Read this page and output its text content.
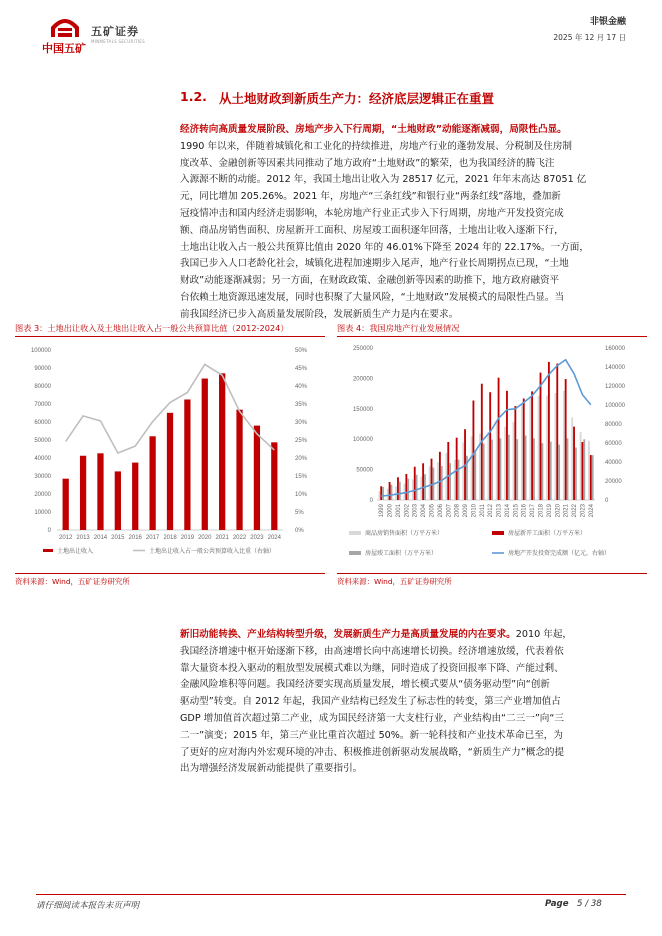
中国五矿
五矿证券
MINMETALS SECURITIES
非银金融
2025 年 12 月 17 日
1.2. 从土地财政到新质生产力：经济底层逻辑正在重置
经济转向高质量发展阶段、房地产步入下行周期，“土地财政”动能逐渐减弱，局限性凸显。
1990 年以来，伴随着城镇化和工业化的持续推进，房地产行业的蓬勃发展、分税制及住房制
度改革、金融创新等因素共同推动了地方政府“土地财政”的繁荣，也为我国经济的腾飞注
入源源不断的动能。2012 年，我国土地出让收入为 28517 亿元，2021 年年末高达 87051 亿
元，同比增加 205.26%。2021 年，房地产“三条红线”和银行业“两条红线”落地，叠加新
冠疫情冲击和国内经济走弱影响，本轮房地产行业正式步入下行周期，房地产开发投资完成
额、商品房销售面积、房屋新开工面积、房屋竣工面积逐年回落，土地出让收入逐渐下行，
土地出让收入占一般公共预算比值由 2020 年的 46.01%下降至 2024 年的 22.17%。一方面，
我国已步入人口老龄化社会，城镇化进程加速期步入尾声，地产行业长周期拐点已现，“土地
财政”动能逐渐减弱；另一方面，在财政政策、金融创新等因素的助推下，地方政府融资平
台依赖土地资源迅速发展，同时也积聚了大量风险，“土地财政”发展模式的局限性凸显。当
前我国经济已步入高质量发展阶段，发展新质生产力是内在要求。
图表 3：土地出让收入及土地出让收入占一般公共预算比值（2012-2024）
0
10000
20000
30000
40000
50000
60000
70000
80000
90000
100000
0%
5%
10%
15%
20%
25%
30%
35%
40%
45%
50%
2012 2013 2014 2015 2016 2017 2018 2019 2020 2021 2022 2023 2024
土地出让收入	土地出让收入占一般公共预算收入比重（右轴）
资料来源：Wind，五矿证券研究所
图表 4：我国房地产行业发展情况
0
50000
100000
150000
200000
250000
0
20000
40000
60000
80000
100000
120000
140000
160000
1999 2000 2001 2002 2003 2004 2005 2006 2007 2008 2009 2010 2011 2012 2013 2014 2015 2016 2017 2018 2019 2020 2021 2022 2023 2024
商品房销售面积（万平方米）	房屋新开工面积（万平方米）
房屋竣工面积（万平方米）	房地产开发投资完成额（亿元，右轴）
资料来源：Wind，五矿证券研究所
新旧动能转换、产业结构转型升级，发展新质生产力是高质量发展的内在要求。2010 年起，
我国经济增速中枢开始逐渐下移，由高速增长向中高速增长切换。经济增速放缓，代表着依
靠大量资本投入驱动的粗放型发展模式难以为继，同时造成了投资回报率下降、产能过剩、
金融风险堆积等问题。我国经济要实现高质量发展，增长模式要从“债务驱动型”向“创新
驱动型”转变。自 2012 年起，我国产业结构已经发生了标志性的转变，第三产业增加值占
GDP 增加值首次超过第二产业，成为国民经济第一大支柱行业，产业结构由“二三一”向“三
二一”演变；2015 年，第三产业比重首次超过 50%。新一轮科技和产业技术革命已至，为
了更好的应对海内外宏观环境的冲击、积极推进创新驱动发展战略，“新质生产力”概念的提
出为增强经济发展新动能提供了重要指引。
请仔细阅读本报告末页声明	Page 5 / 38
